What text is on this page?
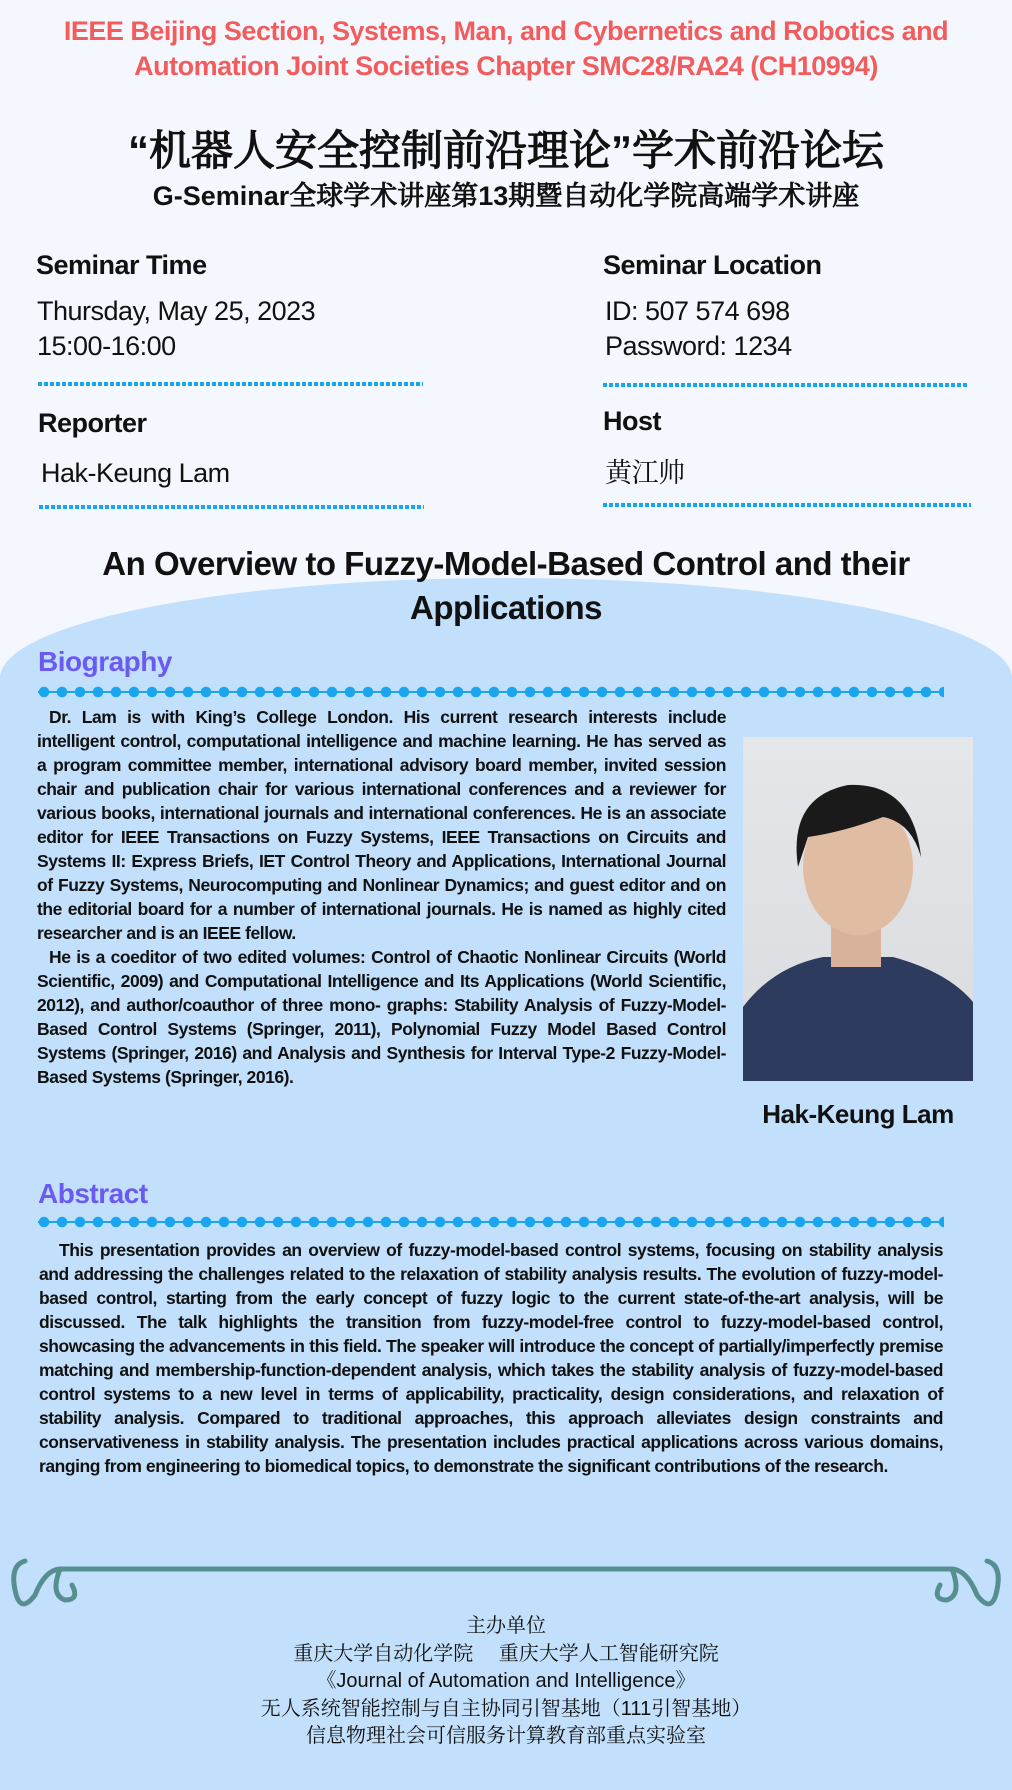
IEEE Beijing Section, Systems, Man, and Cybernetics and Robotics and
Automation Joint Societies Chapter SMC28/RA24 (CH10994)
“机器人安全控制前沿理论”学术前沿论坛
G-Seminar全球学术讲座第13期暨自动化学院高端学术讲座
Seminar Time
Thursday, May 25, 2023
15:00-16:00
Seminar Location
ID: 507 574 698
Password: 1234
Reporter
Hak-Keung Lam
Host
黄江帅
An Overview to Fuzzy-Model-Based Control and their Applications
Biography

Dr. Lam is with King’s College London. His current research interests include intelligent control, computational intelligence and machine learning. He has served as a program committee member, international advisory board member, invited session chair and publication chair for various international conferences and a reviewer for various books, international journals and international conferences. He is an associate editor for IEEE Transactions on Fuzzy Systems, IEEE Transactions on Circuits and Systems II: Express Briefs, IET Control Theory and Applications, International Journal of Fuzzy Systems, Neurocomputing and Nonlinear Dynamics; and guest editor and on the editorial board for a number of international journals. He is named as highly cited researcher and is an IEEE fellow.

He is a coeditor of two edited volumes: Control of Chaotic Nonlinear Circuits (World Scientific, 2009) and Computational Intelligence and Its Applications (World Scientific, 2012), and author/coauthor of three mono- graphs: Stability Analysis of Fuzzy-Model-Based Control Systems (Springer, 2011), Polynomial Fuzzy Model Based Control Systems (Springer, 2016) and Analysis and Synthesis for Interval Type-2 Fuzzy-Model-Based Systems (Springer, 2016).

Hak-Keung Lam
Abstract

This presentation provides an overview of fuzzy-model-based control systems, focusing on stability analysis and addressing the challenges related to the relaxation of stability analysis results. The evolution of fuzzy-model-based control, starting from the early concept of fuzzy logic to the current state-of-the-art analysis, will be discussed. The talk highlights the transition from fuzzy-model-free control to fuzzy-model-based control, showcasing the advancements in this field. The speaker will introduce the concept of partially/imperfectly premise matching and membership-function-dependent analysis, which takes the stability analysis of fuzzy-model-based control systems to a new level in terms of applicability, practicality, design considerations, and relaxation of stability analysis. Compared to traditional approaches, this approach alleviates design constraints and conservativeness in stability analysis. The presentation includes practical applications across various domains, ranging from engineering to biomedical topics, to demonstrate the significant contributions of the research.

主办单位
重庆大学自动化学院　 重庆大学人工智能研究院
《Journal of Automation and Intelligence》
无人系统智能控制与自主协同引智基地（111引智基地）
信息物理社会可信服务计算教育部重点实验室
